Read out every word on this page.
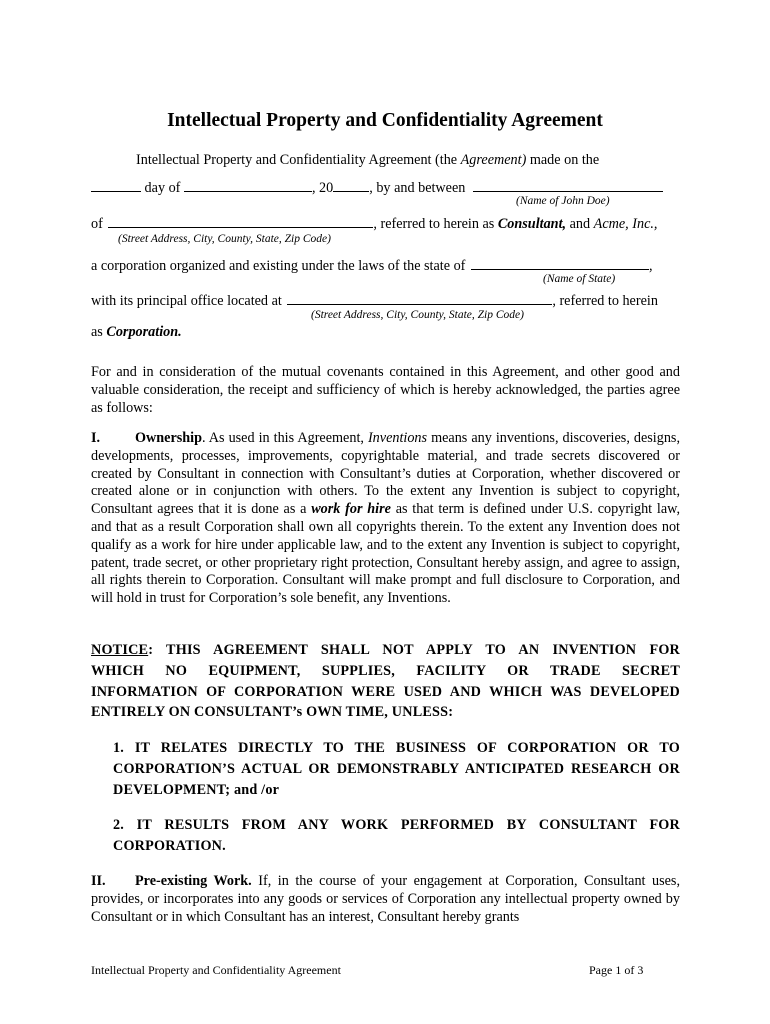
Intellectual Property and Confidentiality Agreement
Intellectual Property and Confidentiality Agreement (the Agreement) made on the
day of	, 20	, by and between
(Name of John Doe)
of	, referred to herein as Consultant, and Acme, Inc.,
(Street Address, City, County, State, Zip Code)
a corporation organized and existing under the laws of the state of	,
(Name of State)
with its principal office located at	, referred to herein
(Street Address, City, County, State, Zip Code)
as Corporation.
For and in consideration of the mutual covenants contained in this Agreement, and other good and valuable consideration, the receipt and sufficiency of which is hereby acknowledged, the parties agree as follows:
I. Ownership. As used in this Agreement, Inventions means any inventions, discoveries, designs, developments, processes, improvements, copyrightable material, and trade secrets discovered or created by Consultant in connection with Consultant’s duties at Corporation, whether discovered or created alone or in conjunction with others. To the extent any Invention is subject to copyright, Consultant agrees that it is done as a work for hire as that term is defined under U.S. copyright law, and that as a result Corporation shall own all copyrights therein. To the extent any Invention does not qualify as a work for hire under applicable law, and to the extent any Invention is subject to copyright, patent, trade secret, or other proprietary right protection, Consultant hereby assign, and agree to assign, all rights therein to Corporation. Consultant will make prompt and full disclosure to Corporation, and will hold in trust for Corporation’s sole benefit, any Inventions.
NOTICE: THIS AGREEMENT SHALL NOT APPLY TO AN INVENTION FOR
WHICH NO EQUIPMENT, SUPPLIES, FACILITY OR TRADE SECRET
INFORMATION OF CORPORATION WERE USED AND WHICH WAS DEVELOPED
ENTIRELY ON CONSULTANT’s OWN TIME, UNLESS:
1. IT RELATES DIRECTLY TO THE BUSINESS OF CORPORATION OR TO CORPORATION’S ACTUAL OR DEMONSTRABLY ANTICIPATED RESEARCH OR DEVELOPMENT; and /or
2. IT RESULTS FROM ANY WORK PERFORMED BY CONSULTANT FOR CORPORATION.
II. Pre-existing Work. If, in the course of your engagement at Corporation, Consultant uses, provides, or incorporates into any goods or services of Corporation any intellectual property owned by Consultant or in which Consultant has an interest, Consultant hereby grants
Intellectual Property and Confidentiality Agreement	Page 1 of 3
